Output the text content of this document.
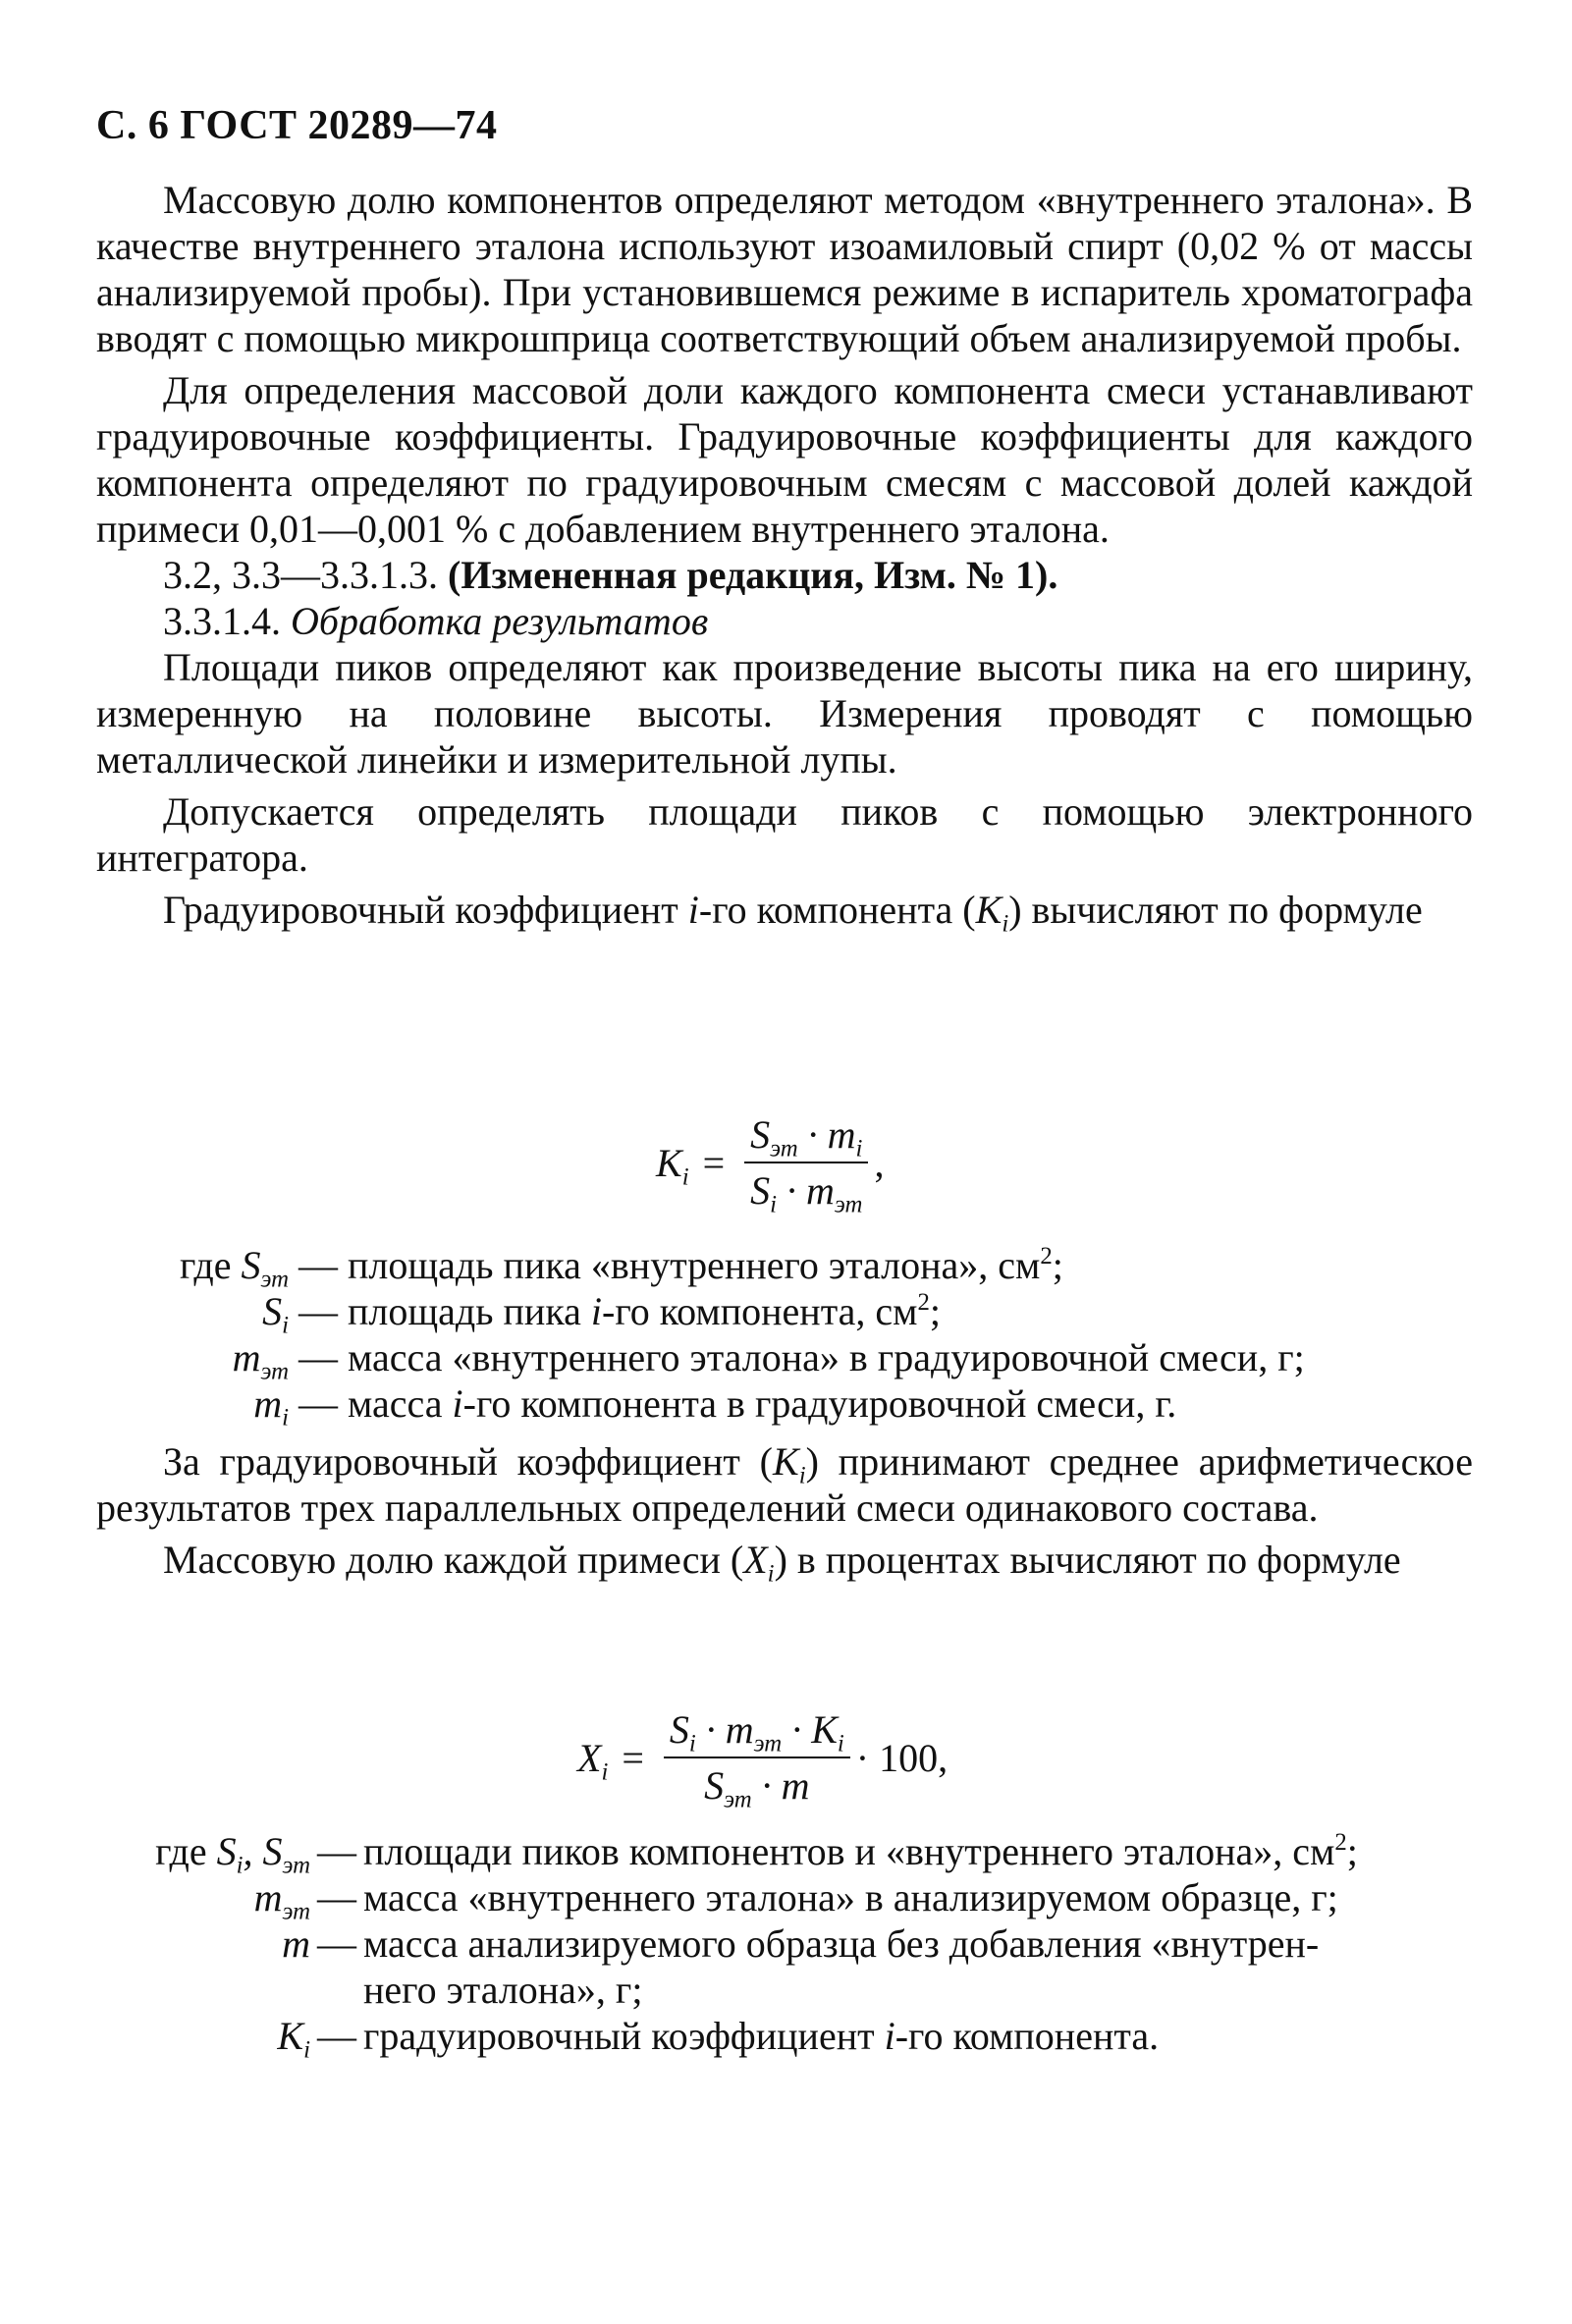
С. 6 ГОСТ 20289—74

Массовую долю компонентов определяют методом «внутреннего эталона». В качестве внутреннего эталона используют изоамиловый спирт (0,02 % от массы анализируемой пробы). При установившемся режиме в испаритель хроматографа вводят с помощью микрошприца соответствующий объем анализируемой пробы.

Для определения массовой доли каждого компонента смеси устанавливают градуировочные коэффициенты. Градуировочные коэффициенты для каждого компонента определяют по градуировочным смесям с массовой долей каждой примеси 0,01—0,001 % с добавлением внутреннего эталона.

3.2, 3.3—3.3.1.3. (Измененная редакция, Изм. № 1).

3.3.1.4. Обработка результатов

Площади пиков определяют как произведение высоты пика на его ширину, измеренную на половине высоты. Измерения проводят с помощью металлической линейки и измерительной лупы.

Допускается определять площади пиков с помощью электронного интегратора.

Градуировочный коэффициент i-го компонента $(K_i)$ вычисляют по формуле

$K_i = \frac{S_{эт} \cdot m_i}{S_i \cdot m_{эт}}$ ,
где $S_{эт}$ — площадь пика «внутреннего эталона», $см^2$;
$S_i$ — площадь пика i-го компонента, $см^2$;
$m_{эт}$ — масса «внутреннего эталона» в градуировочной смеси, г;
$m_i$ — масса i-го компонента в градуировочной смеси, г.

За градуировочный коэффициент $(K_i)$ принимают среднее арифметическое результатов трех параллельных определений смеси одинакового состава.

Массовую долю каждой примеси $(X_i)$ в процентах вычисляют по формуле

$X_i = \frac{S_i \cdot m_{эт} \cdot K_i}{S_{эт} \cdot m} \cdot 100$,
где $S_i$, $S_{эт}$ — площади пиков компонентов и «внутреннего эталона», $см^2$;
$m_{эт}$ — масса «внутреннего эталона» в анализируемом образце, г;
m — масса анализируемого образца без добавления «внутрен-
него эталона», г;
$K_i$ — градуировочный коэффициент i-го компонента.
